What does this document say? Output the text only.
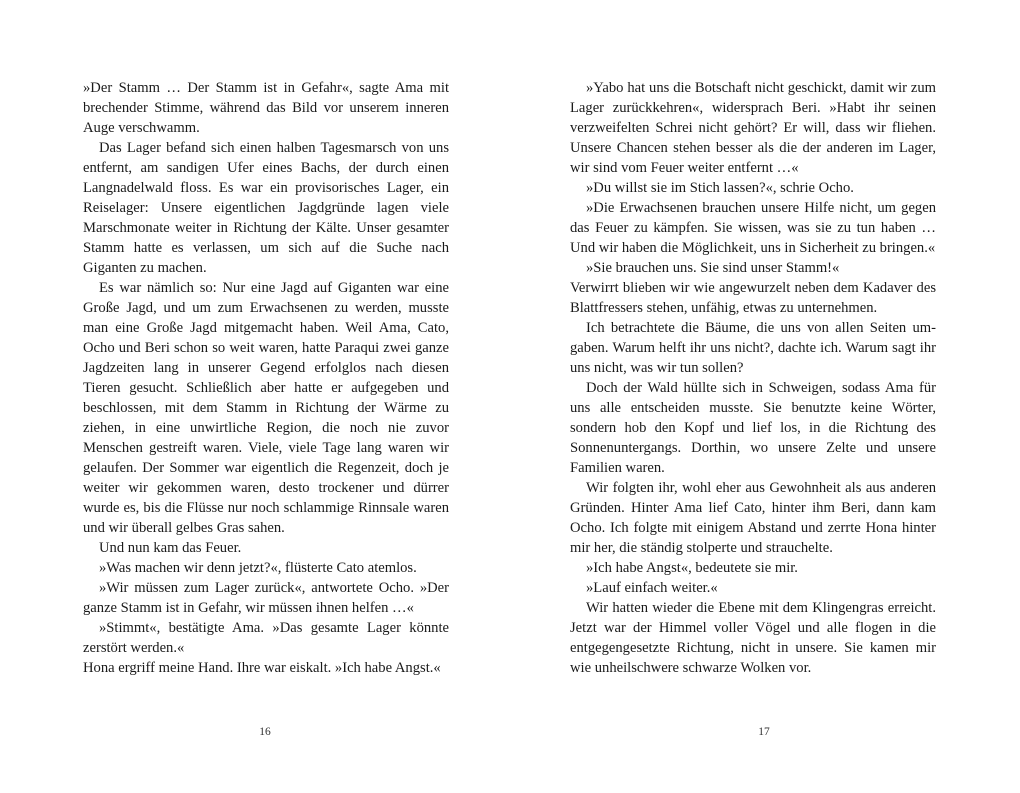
»Der Stamm … Der Stamm ist in Gefahr«, sagte Ama mit brechender Stimme, während das Bild vor unserem inneren Auge verschwamm.

Das Lager befand sich einen halben Tagesmarsch von uns entfernt, am sandigen Ufer eines Bachs, der durch einen Langnadelwald floss. Es war ein provisorisches Lager, ein Reiselager: Unsere eigentlichen Jagdgründe lagen viele Marschmonate weiter in Richtung der Kälte. Unser gesamter Stamm hatte es verlassen, um sich auf die Suche nach Giganten zu machen.

Es war nämlich so: Nur eine Jagd auf Giganten war eine Große Jagd, und um zum Erwachsenen zu werden, musste man eine Große Jagd mitgemacht haben. Weil Ama, Cato, Ocho und Beri schon so weit waren, hatte Paraqui zwei ganze Jagdzeiten lang in unserer Gegend erfolglos nach diesen Tieren gesucht. Schließlich aber hatte er aufgegeben und beschlossen, mit dem Stamm in Richtung der Wärme zu ziehen, in eine unwirtliche Region, die noch nie zuvor Menschen gestreift waren. Viele, viele Tage lang waren wir gelaufen. Der Sommer war eigentlich die Regenzeit, doch je weiter wir gekommen waren, desto trockener und dürrer wurde es, bis die Flüsse nur noch schlammige Rinnsale waren und wir überall gelbes Gras sahen.

Und nun kam das Feuer.

»Was machen wir denn jetzt?«, flüsterte Cato atemlos.

»Wir müssen zum Lager zurück«, antwortete Ocho. »Der ganze Stamm ist in Gefahr, wir müssen ihnen helfen …«

»Stimmt«, bestätigte Ama. »Das gesamte Lager könnte zerstört werden.«

Hona ergriff meine Hand. Ihre war eiskalt. »Ich habe Angst.«

16

»Yabo hat uns die Botschaft nicht geschickt, damit wir zum Lager zurückkehren«, widersprach Beri. »Habt ihr seinen verzweifelten Schrei nicht gehört? Er will, dass wir fliehen. Unsere Chancen stehen besser als die der anderen im Lager, wir sind vom Feuer weiter entfernt …«

»Du willst sie im Stich lassen?«, schrie Ocho.

»Die Erwachsenen brauchen unsere Hilfe nicht, um gegen das Feuer zu kämpfen. Sie wissen, was sie zu tun haben … Und wir haben die Möglichkeit, uns in Sicherheit zu bringen.«

»Sie brauchen uns. Sie sind unser Stamm!«

Verwirrt blieben wir wie angewurzelt neben dem Kadaver des Blattfressers stehen, unfähig, etwas zu unternehmen.

Ich betrachtete die Bäume, die uns von allen Seiten umgaben. Warum helft ihr uns nicht?, dachte ich. Warum sagt ihr uns nicht, was wir tun sollen?

Doch der Wald hüllte sich in Schweigen, sodass Ama für uns alle entscheiden musste. Sie benutzte keine Wörter, sondern hob den Kopf und lief los, in die Richtung des Sonnenuntergangs. Dorthin, wo unsere Zelte und unsere Familien waren.

Wir folgten ihr, wohl eher aus Gewohnheit als aus anderen Gründen. Hinter Ama lief Cato, hinter ihm Beri, dann kam Ocho. Ich folgte mit einigem Abstand und zerrte Hona hinter mir her, die ständig stolperte und strauchelte.

»Ich habe Angst«, bedeutete sie mir.

»Lauf einfach weiter.«

Wir hatten wieder die Ebene mit dem Klingengras erreicht. Jetzt war der Himmel voller Vögel und alle flogen in die entgegengesetzte Richtung, nicht in unsere. Sie kamen mir wie unheilschwere schwarze Wolken vor.

17
